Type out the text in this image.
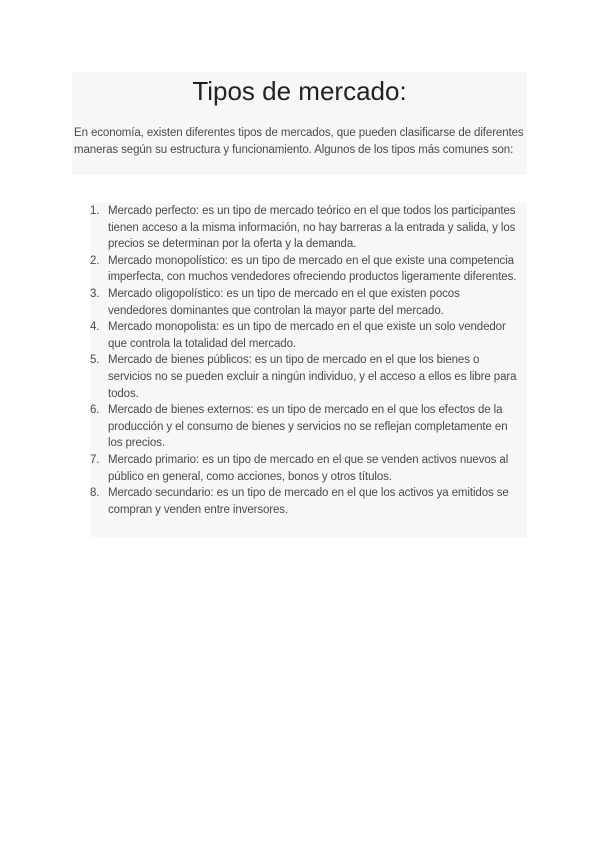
Tipos de mercado:

En economía, existen diferentes tipos de mercados, que pueden clasificarse de diferentes maneras según su estructura y funcionamiento. Algunos de los tipos más comunes son:

1. Mercado perfecto: es un tipo de mercado teórico en el que todos los participantes tienen acceso a la misma información, no hay barreras a la entrada y salida, y los precios se determinan por la oferta y la demanda.
2. Mercado monopolístico: es un tipo de mercado en el que existe una competencia imperfecta, con muchos vendedores ofreciendo productos ligeramente diferentes.
3. Mercado oligopolístico: es un tipo de mercado en el que existen pocos vendedores dominantes que controlan la mayor parte del mercado.
4. Mercado monopolista: es un tipo de mercado en el que existe un solo vendedor que controla la totalidad del mercado.
5. Mercado de bienes públicos: es un tipo de mercado en el que los bienes o servicios no se pueden excluir a ningún individuo, y el acceso a ellos es libre para todos.
6. Mercado de bienes externos: es un tipo de mercado en el que los efectos de la producción y el consumo de bienes y servicios no se reflejan completamente en los precios.
7. Mercado primario: es un tipo de mercado en el que se venden activos nuevos al público en general, como acciones, bonos y otros títulos.
8. Mercado secundario: es un tipo de mercado en el que los activos ya emitidos se compran y venden entre inversores.
